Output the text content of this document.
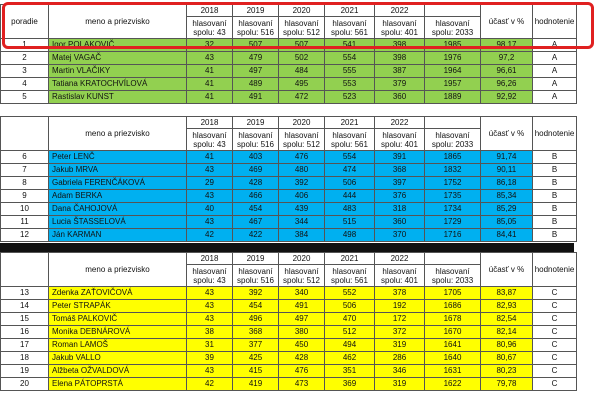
poradie	meno a priezvisko	2018	2019	2020	2021	2022		účasť v %	hodnotenie
		hlasovaní spolu: 43	hlasovaní spolu: 516	hlasovaní spolu: 512	hlasovaní spolu: 561	hlasovaní spolu: 401	hlasovaní spolu: 2033		
1	Igor POLAKOVIČ	32	507	507	541	398	1985	98,17	A
2	Matej VAGAČ	43	479	502	554	398	1976	97,2	A
3	Martin VLAČIKY	41	497	484	555	387	1964	96,61	A
4	Tatiana KRATOCHVÍLOVÁ	41	489	495	553	379	1957	96,26	A
5	Rastislav KUNST	41	491	472	523	360	1889	92,92	A
	meno a priezvisko	2018	2019	2020	2021	2022		účasť v %	hodnotenie
		hlasovaní spolu: 43	hlasovaní spolu: 516	hlasovaní spolu: 512	hlasovaní spolu: 561	hlasovaní spolu: 401	hlasovaní spolu: 2033		
6	Peter LENČ	41	403	476	554	391	1865	91,74	B
7	Jakub MRVA	43	469	480	474	368	1832	90,11	B
8	Gabriela FERENČÁKOVÁ	29	428	392	506	397	1752	86,18	B
9	Adam BERKA	43	466	406	444	376	1735	85,34	B
10	Dana ČAHOJOVÁ	40	454	439	483	318	1734	85,29	B
11	Lucia ŠTASSELOVÁ	43	467	344	515	360	1729	85,05	B
12	Ján KARMAN	42	422	384	498	370	1716	84,41	B
	meno a priezvisko	2018	2019	2020	2021	2022		účasť v %	hodnotenie
		hlasovaní spolu: 43	hlasovaní spolu: 516	hlasovaní spolu: 512	hlasovaní spolu: 561	hlasovaní spolu: 401	hlasovaní spolu: 2033		
13	Zdenka ZAŤOVIČOVÁ	43	392	340	552	378	1705	83,87	C
14	Peter STRAPÁK	43	454	491	506	192	1686	82,93	C
15	Tomáš PALKOVIČ	43	496	497	470	172	1678	82,54	C
16	Monika DEBNÁROVÁ	38	368	380	512	372	1670	82,14	C
17	Roman LAMOŠ	31	377	450	494	319	1641	80,96	C
18	Jakub VALLO	39	425	428	462	286	1640	80,67	C
19	Alžbeta OŽVALDOVÁ	43	415	476	351	346	1631	80,23	C
20	Elena PÁTOPRSTÁ	42	419	473	369	319	1622	79,78	C
